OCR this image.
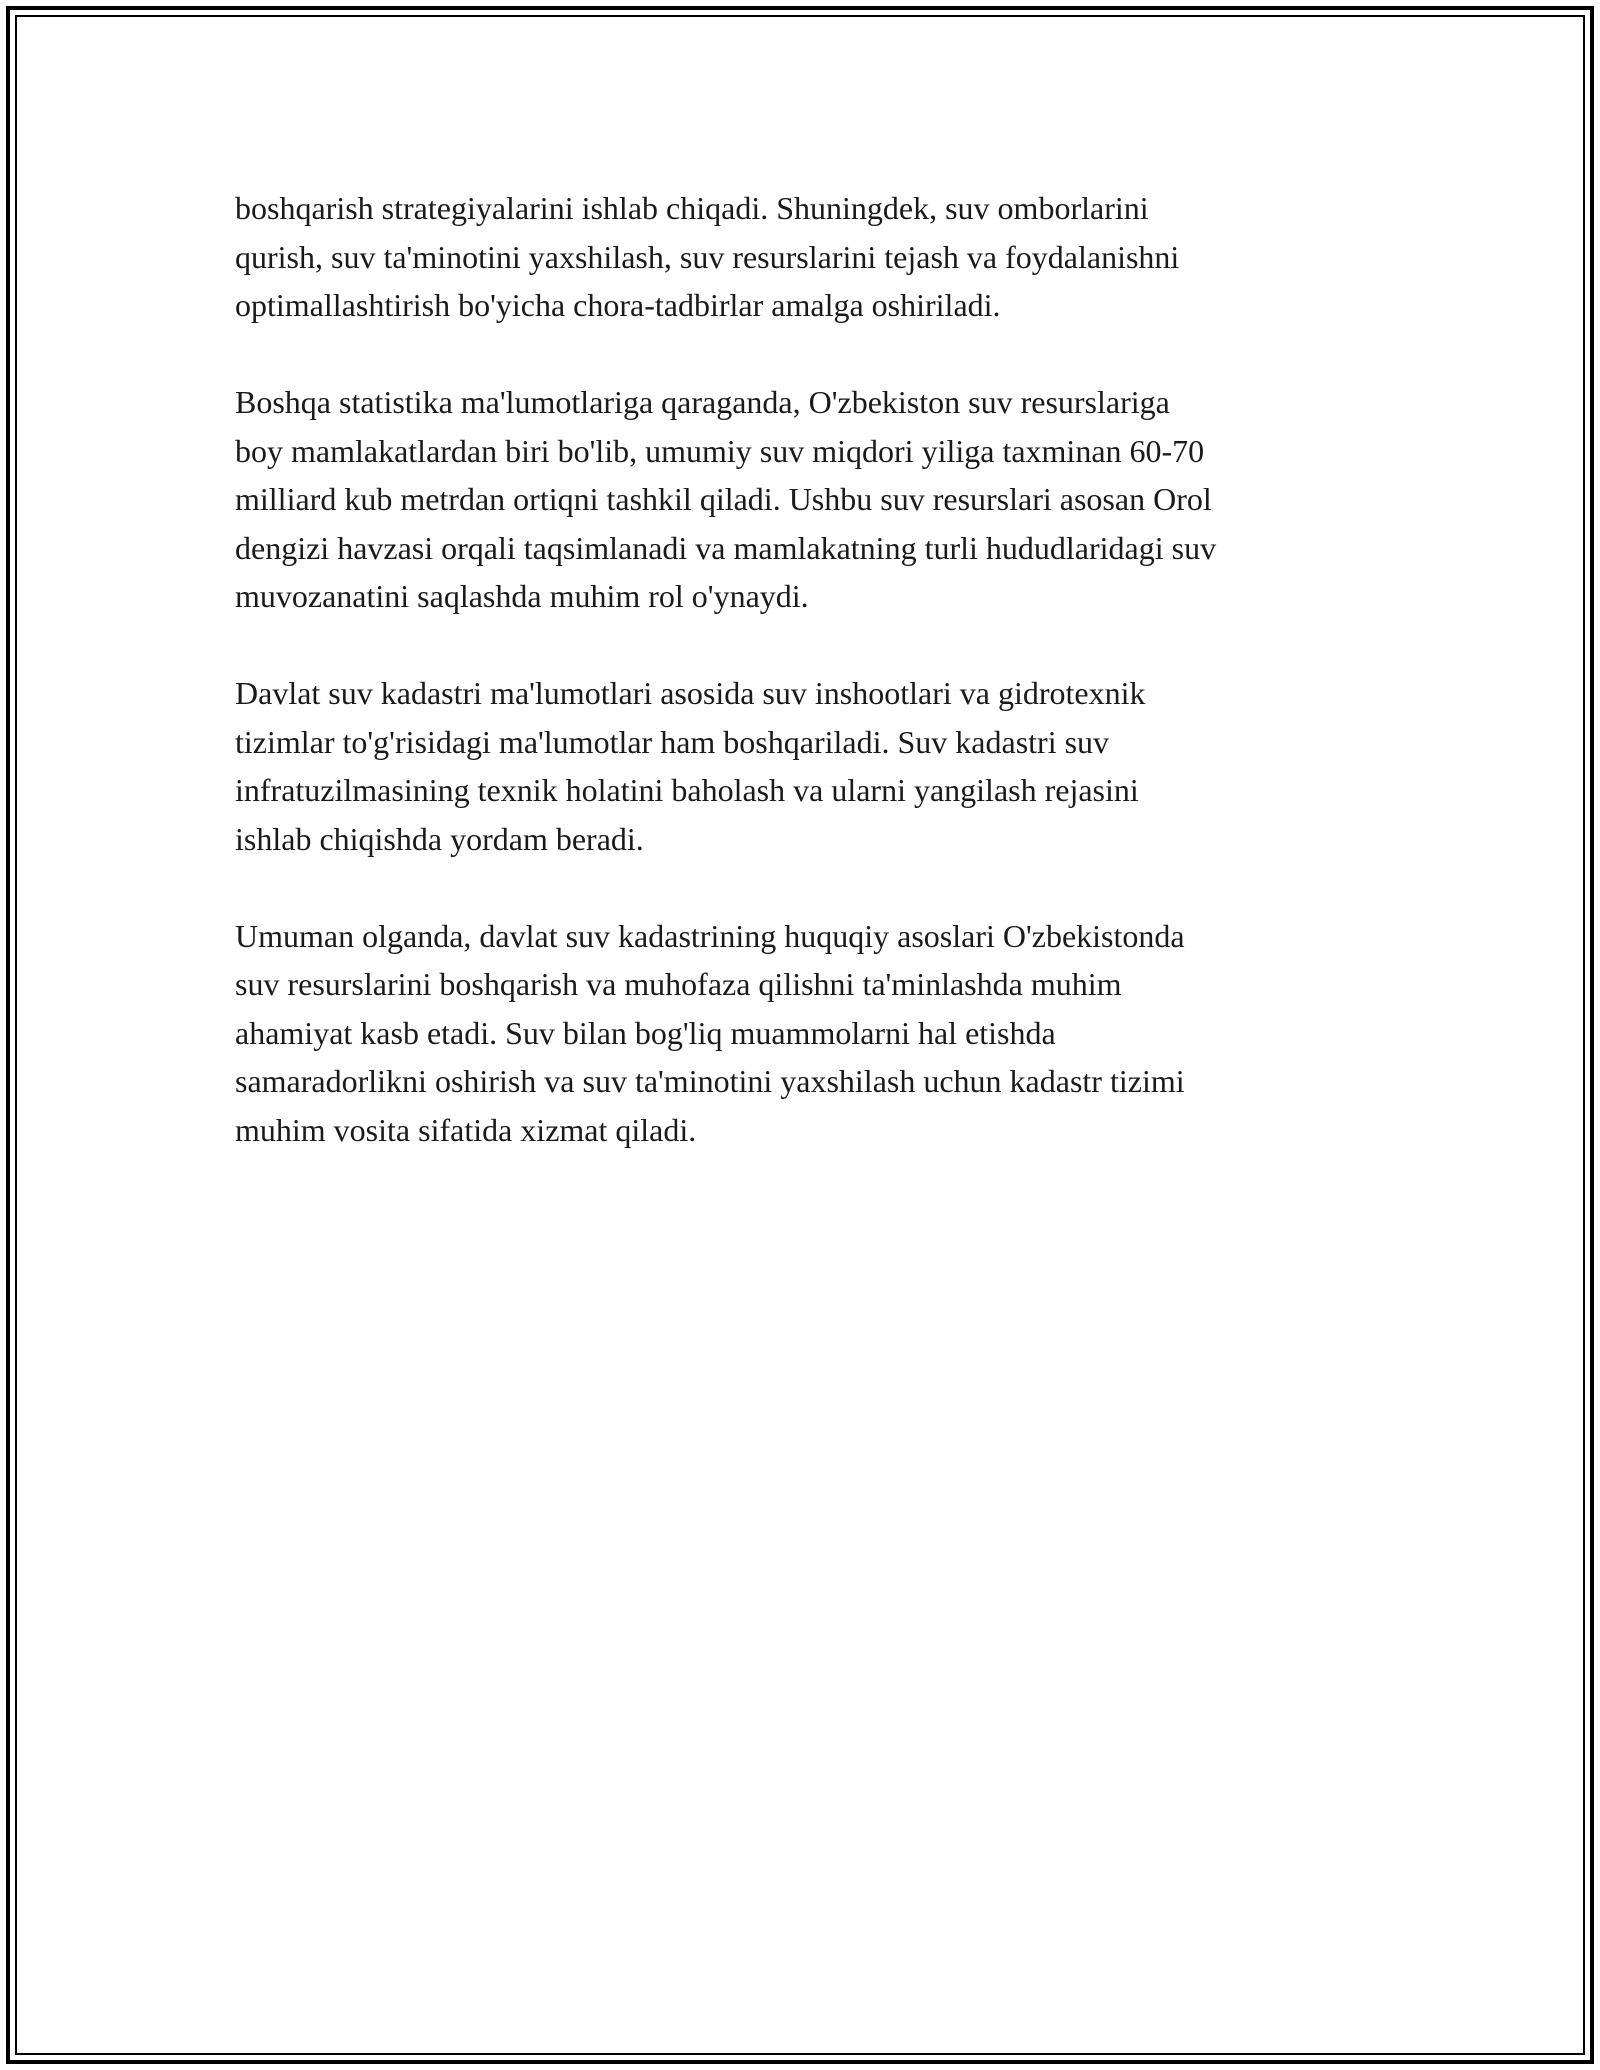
boshqarish strategiyalarini ishlab chiqadi. Shuningdek, suv omborlarini
qurish, suv ta'minotini yaxshilash, suv resurslarini tejash va foydalanishni
optimallashtirish bo'yicha chora-tadbirlar amalga oshiriladi.

Boshqa statistika ma'lumotlariga qaraganda, O'zbekiston suv resurslariga
boy mamlakatlardan biri bo'lib, umumiy suv miqdori yiliga taxminan 60-70
milliard kub metrdan ortiqni tashkil qiladi. Ushbu suv resurslari asosan Orol
dengizi havzasi orqali taqsimlanadi va mamlakatning turli hududlaridagi suv
muvozanatini saqlashda muhim rol o'ynaydi.

Davlat suv kadastri ma'lumotlari asosida suv inshootlari va gidrotexnik
tizimlar to'g'risidagi ma'lumotlar ham boshqariladi. Suv kadastri suv
infratuzilmasining texnik holatini baholash va ularni yangilash rejasini
ishlab chiqishda yordam beradi.

Umuman olganda, davlat suv kadastrining huquqiy asoslari O'zbekistonda
suv resurslarini boshqarish va muhofaza qilishni ta'minlashda muhim
ahamiyat kasb etadi. Suv bilan bog'liq muammolarni hal etishda
samaradorlikni oshirish va suv ta'minotini yaxshilash uchun kadastr tizimi
muhim vosita sifatida xizmat qiladi.
